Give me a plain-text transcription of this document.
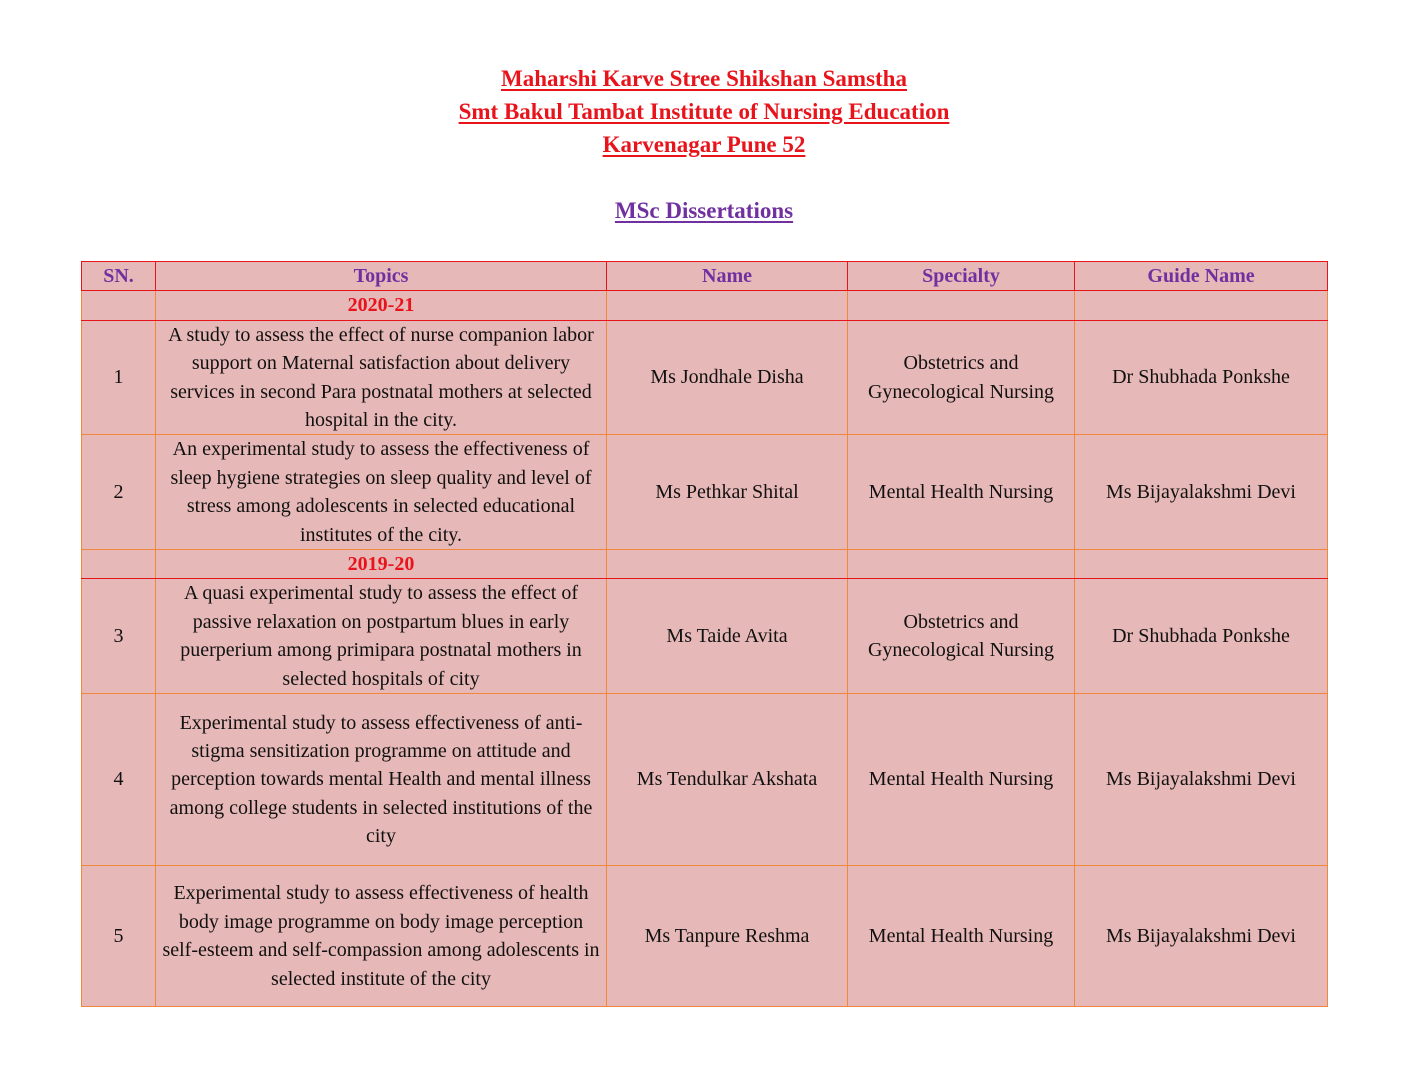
Maharshi Karve Stree Shikshan Samstha
Smt Bakul Tambat Institute of Nursing Education
Karvenagar Pune 52
MSc Dissertations
SN.	Topics	Name	Specialty	Guide Name
	2020-21			
1	A study to assess the effect of nurse companion labor support on Maternal satisfaction about delivery services in second Para postnatal mothers at selected hospital in the city.	Ms Jondhale Disha	Obstetrics and Gynecological Nursing	Dr Shubhada Ponkshe
2	An experimental study to assess the effectiveness of sleep hygiene strategies on sleep quality and level of stress among adolescents in selected educational institutes of the city.	Ms Pethkar Shital	Mental Health Nursing	Ms Bijayalakshmi Devi
	2019-20			
3	A quasi experimental study to assess the effect of passive relaxation on postpartum blues in early puerperium among primipara postnatal mothers in selected hospitals of city	Ms Taide Avita	Obstetrics and Gynecological Nursing	Dr Shubhada Ponkshe
4	Experimental study to assess effectiveness of anti-stigma sensitization programme on attitude and perception towards mental Health and mental illness among college students in selected institutions of the city	Ms Tendulkar Akshata	Mental Health Nursing	Ms Bijayalakshmi Devi
5	Experimental study to assess effectiveness of health body image programme on body image perception self-esteem and self-compassion among adolescents in selected institute of the city	Ms Tanpure Reshma	Mental Health Nursing	Ms Bijayalakshmi Devi
